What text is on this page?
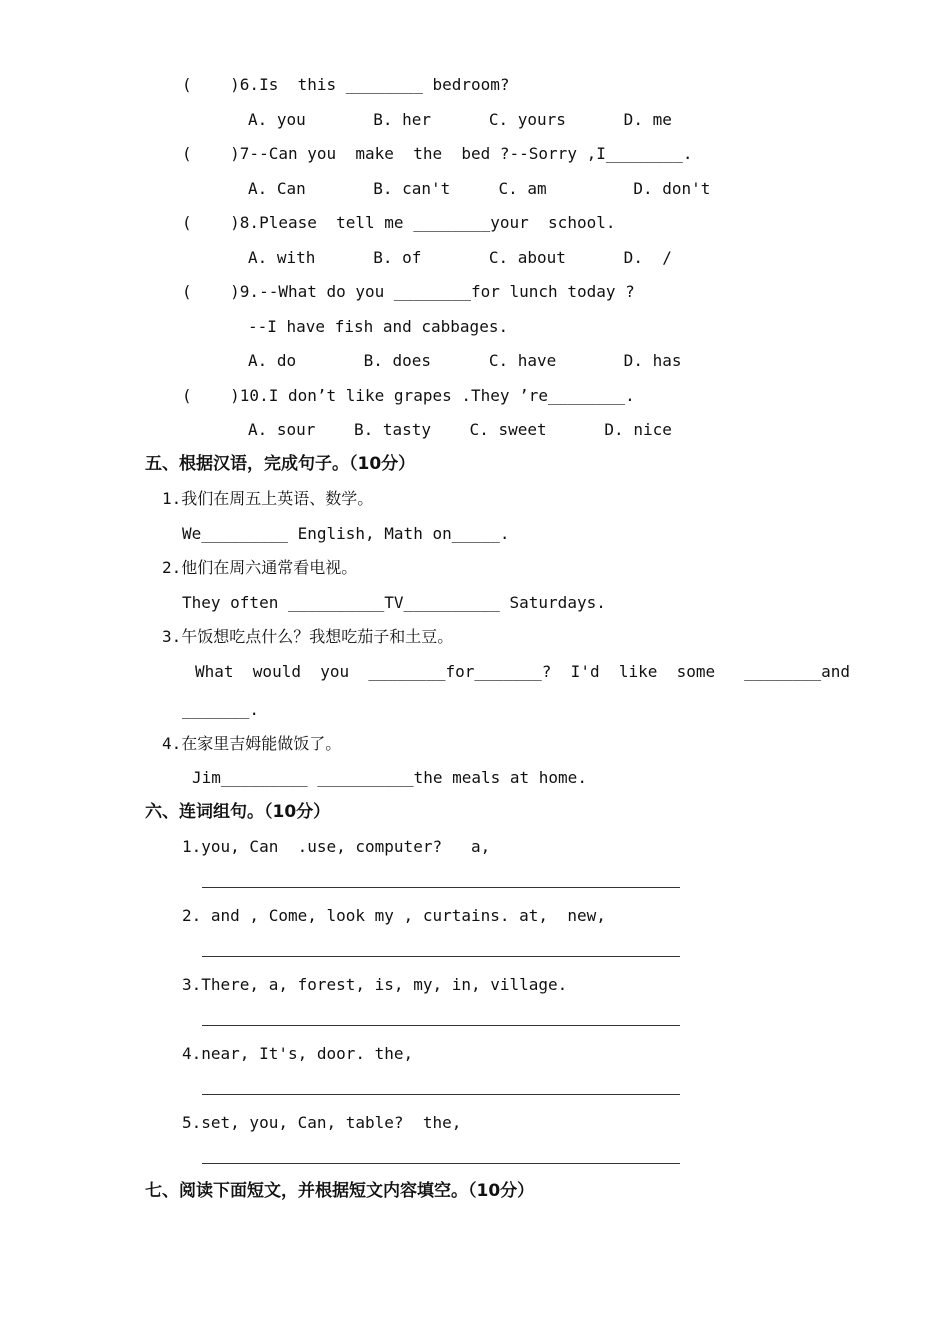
(    )6.Is  this ________ bedroom?
A. you       B. her      C. yours      D. me
(    )7--Can you  make  the  bed ?--Sorry ,I________.
A. Can       B. can't     C. am         D. don't
(    )8.Please  tell me ________your  school.
A. with      B. of       C. about      D.  /
(    )9.--What do you ________for lunch today ?
--I have fish and cabbages.
A. do       B. does      C. have       D. has
(    )10.I don’t like grapes .They ’re________.
A. sour    B. tasty    C. sweet      D. nice
五、根据汉语，完成句子。（10分）
1.我们在周五上英语、数学。
We_________ English, Math on_____.
2.他们在周六通常看电视。
They often __________TV__________ Saturdays.
3.午饭想吃点什么？我想吃茄子和土豆。
What  would  you  ________for_______?  I'd  like  some   ________and
_______.
4.在家里吉姆能做饭了。
Jim_________ __________the meals at home.
六、连词组句。（10分）
1.you, Can  .use, computer?   a,
2. and , Come, look my , curtains. at,  new,
3.There, a, forest, is, my, in, village.
4.near, It's, door. the,
5.set, you, Can, table?  the,
七、阅读下面短文，并根据短文内容填空。（10分）
